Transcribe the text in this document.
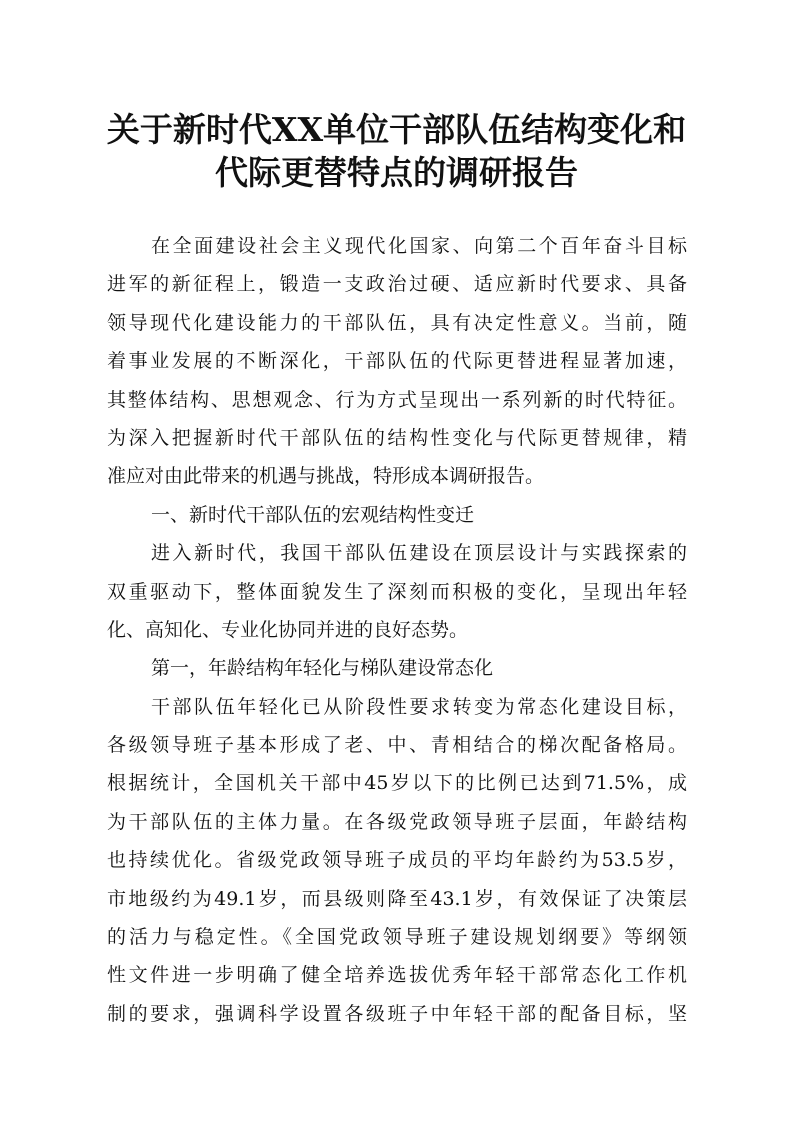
关于新时代XX单位干部队伍结构变化和
代际更替特点的调研报告
在全面建设社会主义现代化国家、向第二个百年奋斗目标
进军的新征程上，锻造一支政治过硬、适应新时代要求、具备
领导现代化建设能力的干部队伍，具有决定性意义。当前，随
着事业发展的不断深化，干部队伍的代际更替进程显著加速，
其整体结构、思想观念、行为方式呈现出一系列新的时代特征。
为深入把握新时代干部队伍的结构性变化与代际更替规律，精
准应对由此带来的机遇与挑战，特形成本调研报告。
一、新时代干部队伍的宏观结构性变迁
进入新时代，我国干部队伍建设在顶层设计与实践探索的
双重驱动下，整体面貌发生了深刻而积极的变化，呈现出年轻
化、高知化、专业化协同并进的良好态势。
第一，年龄结构年轻化与梯队建设常态化
干部队伍年轻化已从阶段性要求转变为常态化建设目标，
各级领导班子基本形成了老、中、青相结合的梯次配备格局。
根据统计，全国机关干部中45岁以下的比例已达到71.5%，成
为干部队伍的主体力量。在各级党政领导班子层面，年龄结构
也持续优化。省级党政领导班子成员的平均年龄约为53.5岁，
市地级约为49.1岁，而县级则降至43.1岁，有效保证了决策层
的活力与稳定性。《全国党政领导班子建设规划纲要》等纲领
性文件进一步明确了健全培养选拔优秀年轻干部常态化工作机
制的要求，强调科学设置各级班子中年轻干部的配备目标，坚
